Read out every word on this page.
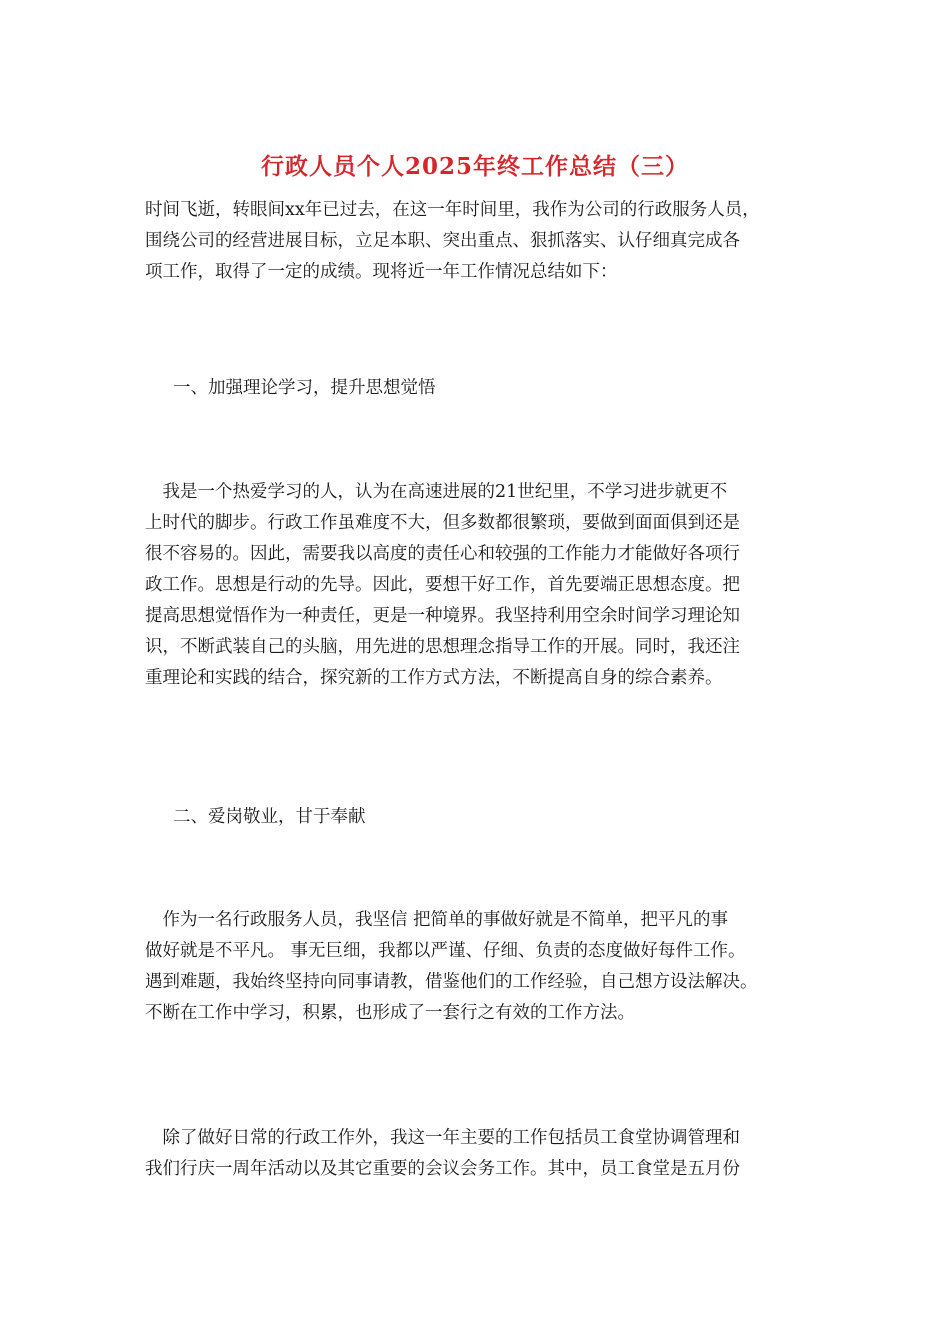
行政人员个人2025年终工作总结（三）
时间飞逝，转眼间xx年已过去，在这一年时间里，我作为公司的行政服务人员，
围绕公司的经营进展目标，立足本职、突出重点、狠抓落实、认仔细真完成各
项工作，取得了一定的成绩。现将近一年工作情况总结如下：
一、加强理论学习，提升思想觉悟
　我是一个热爱学习的人，认为在高速进展的21世纪里，不学习进步就更不
上时代的脚步。行政工作虽难度不大，但多数都很繁琐，要做到面面俱到还是
很不容易的。因此，需要我以高度的责任心和较强的工作能力才能做好各项行
政工作。思想是行动的先导。因此，要想干好工作，首先要端正思想态度。把
提高思想觉悟作为一种责任，更是一种境界。我坚持利用空余时间学习理论知
识，不断武装自己的头脑，用先进的思想理念指导工作的开展。同时，我还注
重理论和实践的结合，探究新的工作方式方法，不断提高自身的综合素养。
二、爱岗敬业，甘于奉献
　作为一名行政服务人员，我坚信 把简单的事做好就是不简单，把平凡的事
做好就是不平凡。 事无巨细，我都以严谨、仔细、负责的态度做好每件工作。
遇到难题，我始终坚持向同事请教，借鉴他们的工作经验，自己想方设法解决。
不断在工作中学习，积累，也形成了一套行之有效的工作方法。
　除了做好日常的行政工作外，我这一年主要的工作包括员工食堂协调管理和
我们行庆一周年活动以及其它重要的会议会务工作。其中，员工食堂是五月份
